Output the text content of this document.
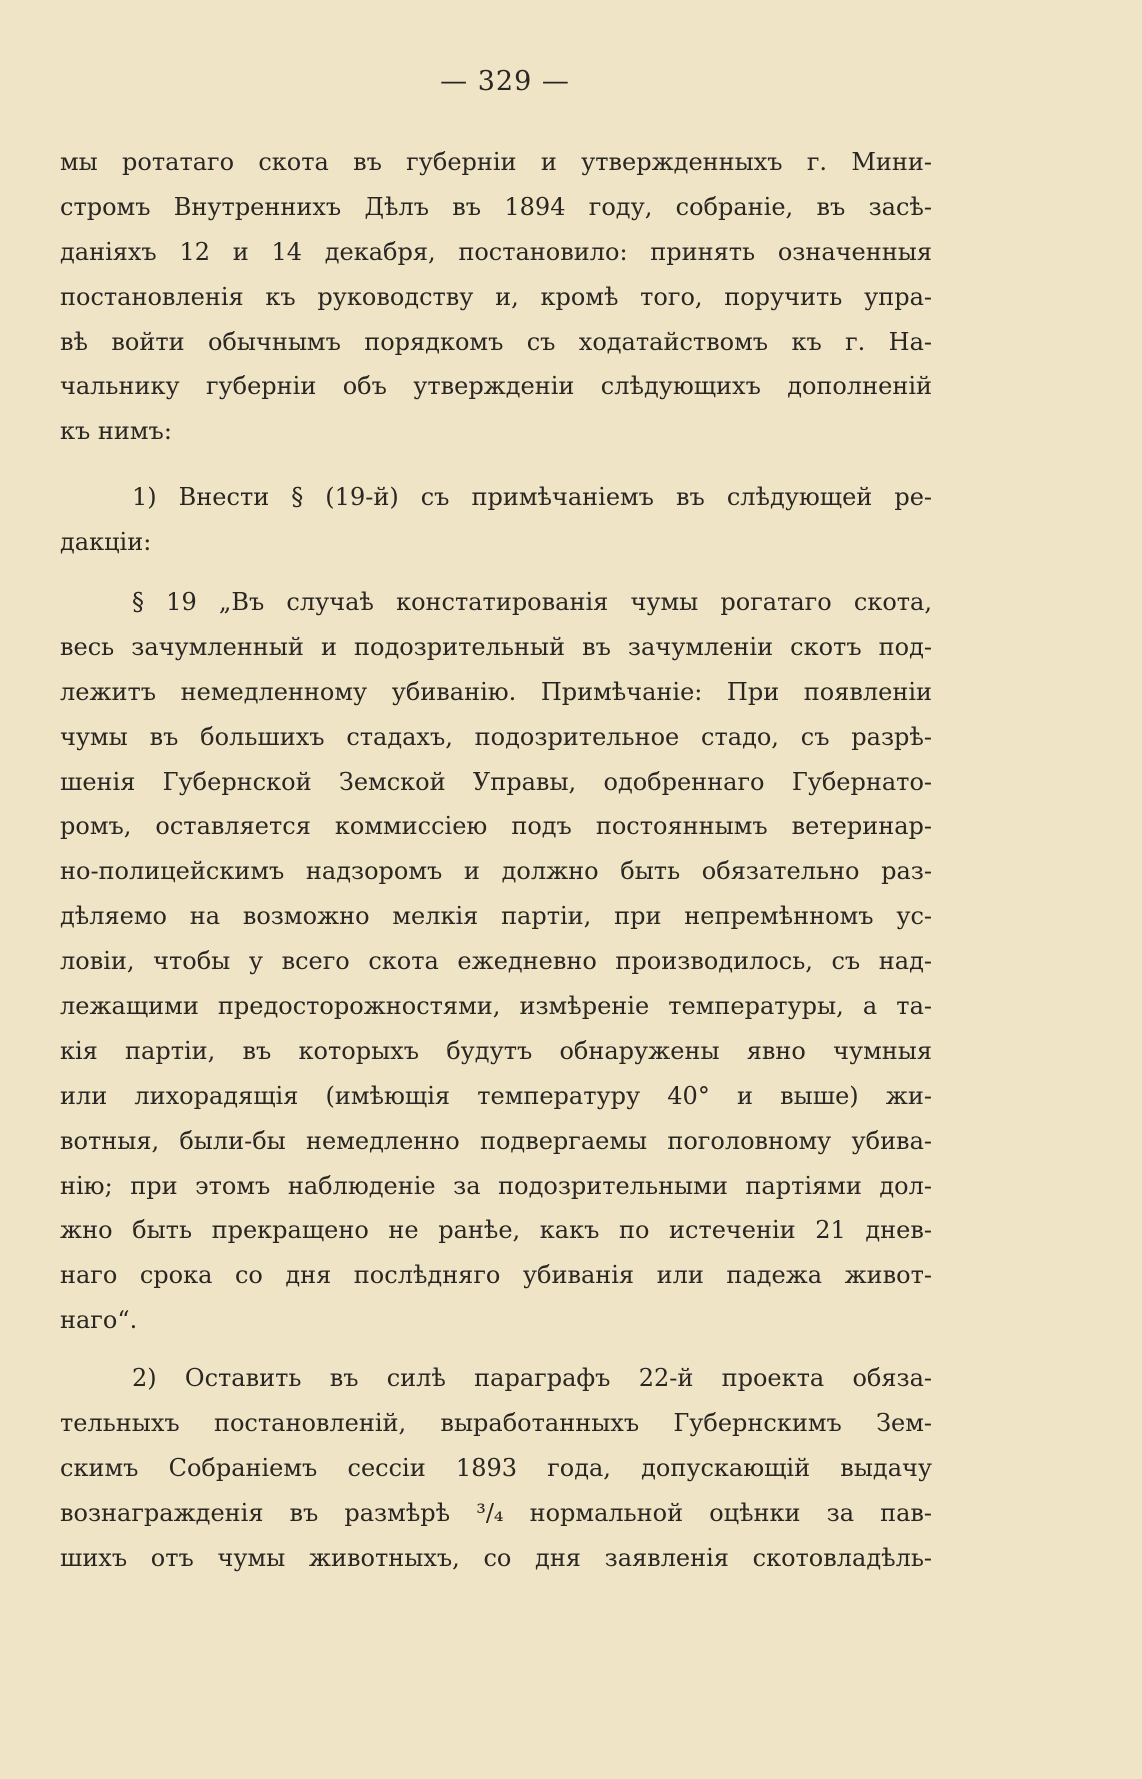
— 329 —
мы ротатаго скота въ губерніи и утвержденныхъ г. Мини-
стромъ Внутреннихъ Дѣлъ въ 1894 году, собраніе, въ засѣ-
даніяхъ 12 и 14 декабря, постановило: принять означенныя
постановленія къ руководству и, кромѣ того, поручить упра-
вѣ войти обычнымъ порядкомъ съ ходатайствомъ къ г. На-
чальнику губерніи объ утвержденіи слѣдующихъ дополненій
къ нимъ:
1) Внести § (19-й) съ примѣчаніемъ въ слѣдующей ре-
дакціи:
§ 19 „Въ случаѣ констатированія чумы рогатаго скота,
весь зачумленный и подозрительный въ зачумленіи скотъ под-
лежитъ немедленному убиванію. Примѣчаніе: При появленіи
чумы въ большихъ стадахъ, подозрительное стадо, съ разрѣ-
шенія Губернской Земской Управы, одобреннаго Губернато-
ромъ, оставляется коммиссіею подъ постояннымъ ветеринар-
но-полицейскимъ надзоромъ и должно быть обязательно раз-
дѣляемо на возможно мелкія партіи, при непремѣнномъ ус-
ловіи, чтобы у всего скота ежедневно производилось, съ над-
лежащими предосторожностями, измѣреніе температуры, а та-
кія партіи, въ которыхъ будутъ обнаружены явно чумныя
или лихорадящія (имѣющія температуру 40° и выше) жи-
вотныя, были-бы немедленно подвергаемы поголовному убива-
нію; при этомъ наблюденіе за подозрительными партіями дол-
жно быть прекращено не ранѣе, какъ по истеченіи 21 днев-
наго срока со дня послѣдняго убиванія или падежа живот-
наго“.
2) Оставить въ силѣ параграфъ 22-й проекта обяза-
тельныхъ постановленій, выработанныхъ Губернскимъ Зем-
скимъ Собраніемъ сессіи 1893 года, допускающій выдачу
вознагражденія въ размѣрѣ ³/₄ нормальной оцѣнки за пав-
шихъ отъ чумы животныхъ, со дня заявленія скотовладѣль-
